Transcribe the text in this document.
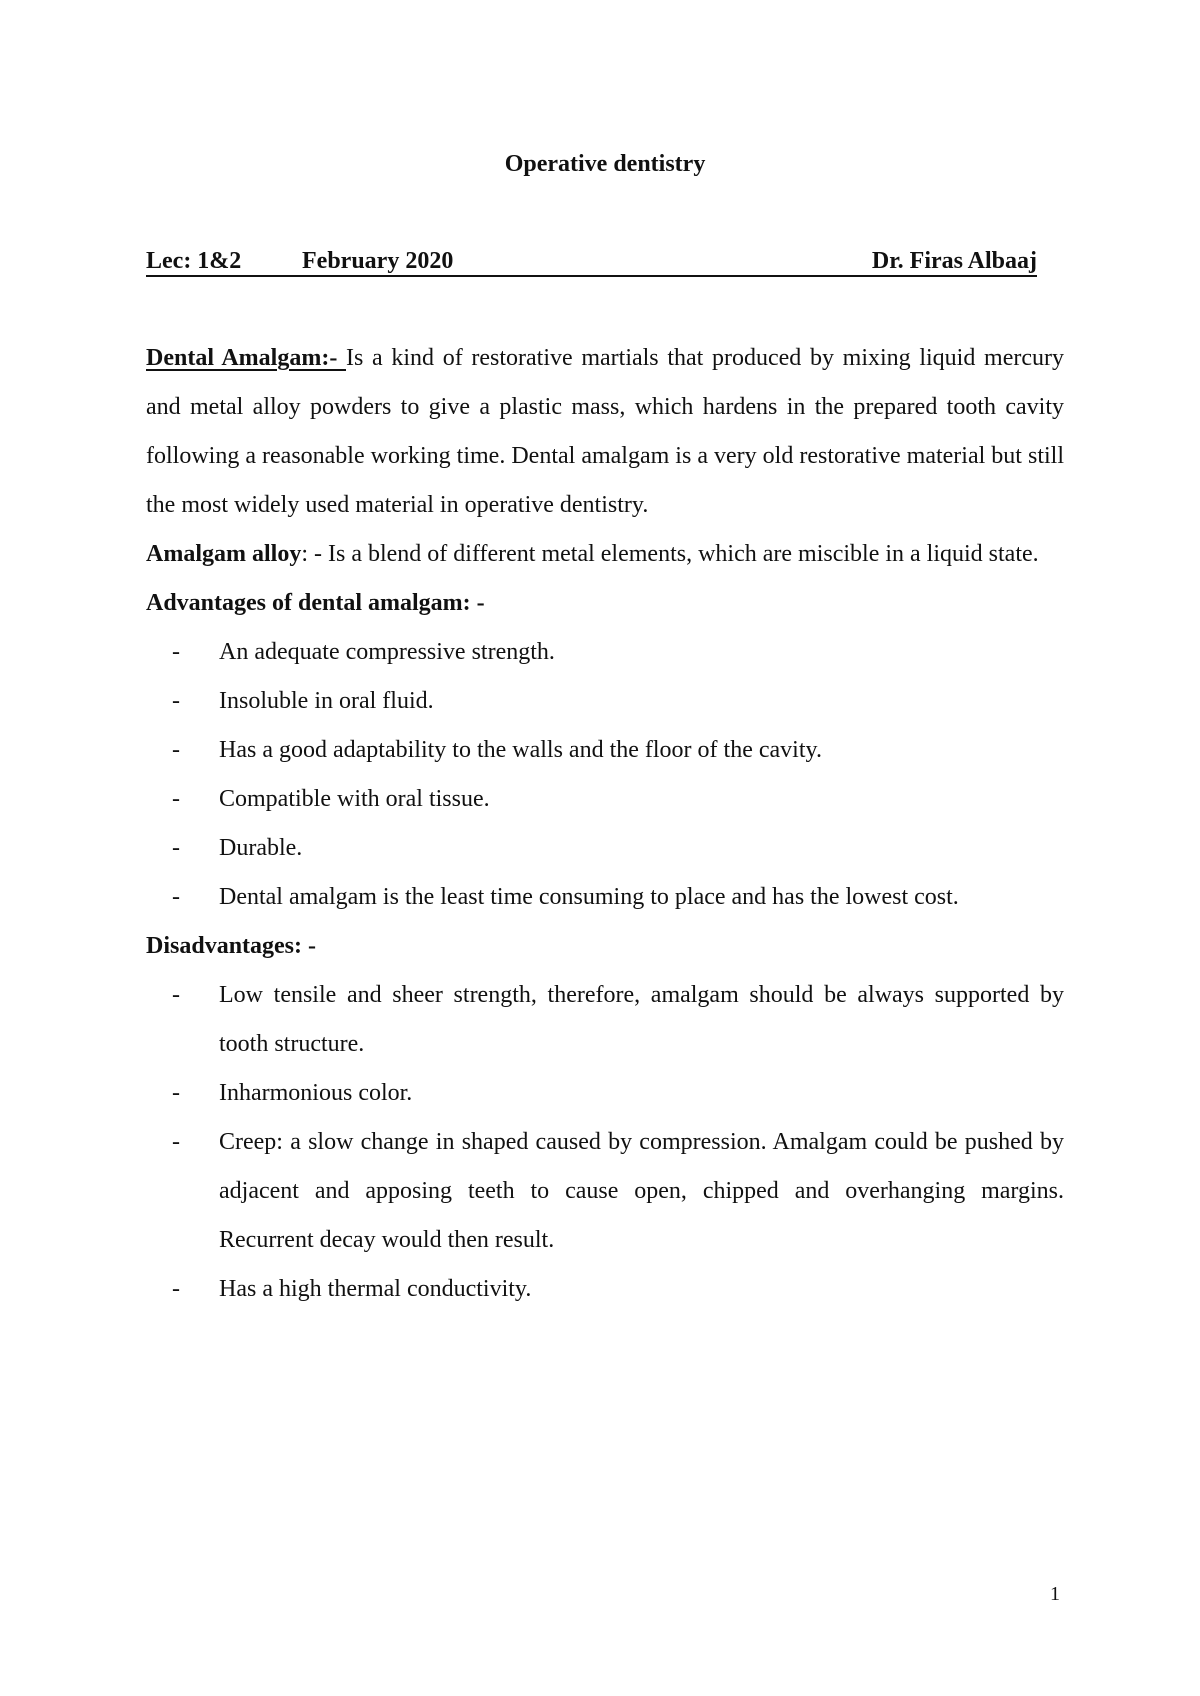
Operative dentistry
Lec: 1&2	February 2020	Dr. Firas Albaaj

Dental Amalgam:- Is a kind of restorative martials that produced by mixing liquid mercury and metal alloy powders to give a plastic mass, which hardens in the prepared tooth cavity following a reasonable working time. Dental amalgam is a very old restorative material but still the most widely used material in operative dentistry.

Amalgam alloy: - Is a blend of different metal elements, which are miscible in a liquid state.

Advantages of dental amalgam: -

- An adequate compressive strength.
- Insoluble in oral fluid.
- Has a good adaptability to the walls and the floor of the cavity.
- Compatible with oral tissue.
- Durable.
- Dental amalgam is the least time consuming to place and has the lowest cost.

Disadvantages: -

- Low tensile and sheer strength, therefore, amalgam should be always supported by tooth structure.
- Inharmonious color.
- Creep: a slow change in shaped caused by compression. Amalgam could be pushed by adjacent and apposing teeth to cause open, chipped and overhanging margins. Recurrent decay would then result.
- Has a high thermal conductivity.
1
